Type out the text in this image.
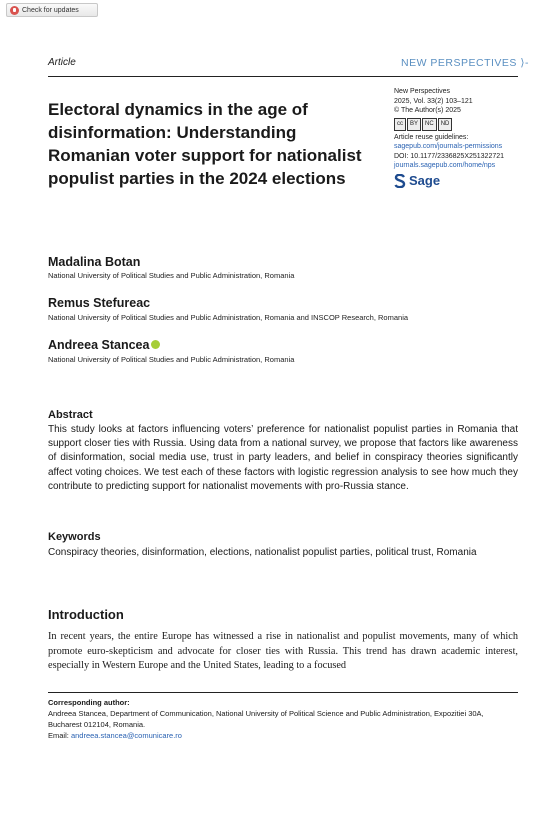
Check for updates
Article	NEW PERSPECTIVES ⟩-
Electoral dynamics in the age of disinformation: Understanding Romanian voter support for nationalist populist parties in the 2024 elections
New Perspectives
2025, Vol. 33(2) 103–121
© The Author(s) 2025
cc	BY	NC	ND
Article reuse guidelines:
sagepub.com/journals-permissions
DOI: 10.1177/2336825X251322721
journals.sagepub.com/home/nps
Sage
Madalina Botan
National University of Political Studies and Public Administration, Romania
Remus Stefureac
National University of Political Studies and Public Administration, Romania and INSCOP Research, Romania
Andreea Stancea
National University of Political Studies and Public Administration, Romania
Abstract
This study looks at factors influencing voters’ preference for nationalist populist parties in Romania that support closer ties with Russia. Using data from a national survey, we propose that factors like awareness of disinformation, social media use, trust in party leaders, and belief in conspiracy theories significantly affect voting choices. We test each of these factors with logistic regression analysis to see how much they contribute to predicting support for nationalist movements with pro-Russia stance.
Keywords
Conspiracy theories, disinformation, elections, nationalist populist parties, political trust, Romania
Introduction
In recent years, the entire Europe has witnessed a rise in nationalist and populist movements, many of which promote euro-skepticism and advocate for closer ties with Russia. This trend has drawn academic interest, especially in Western Europe and the United States, leading to a focused
Corresponding author:
Andreea Stancea, Department of Communication, National University of Political Science and Public Administration, Expozitiei 30A, Bucharest 012104, Romania.
Email: andreea.stancea@comunicare.ro
